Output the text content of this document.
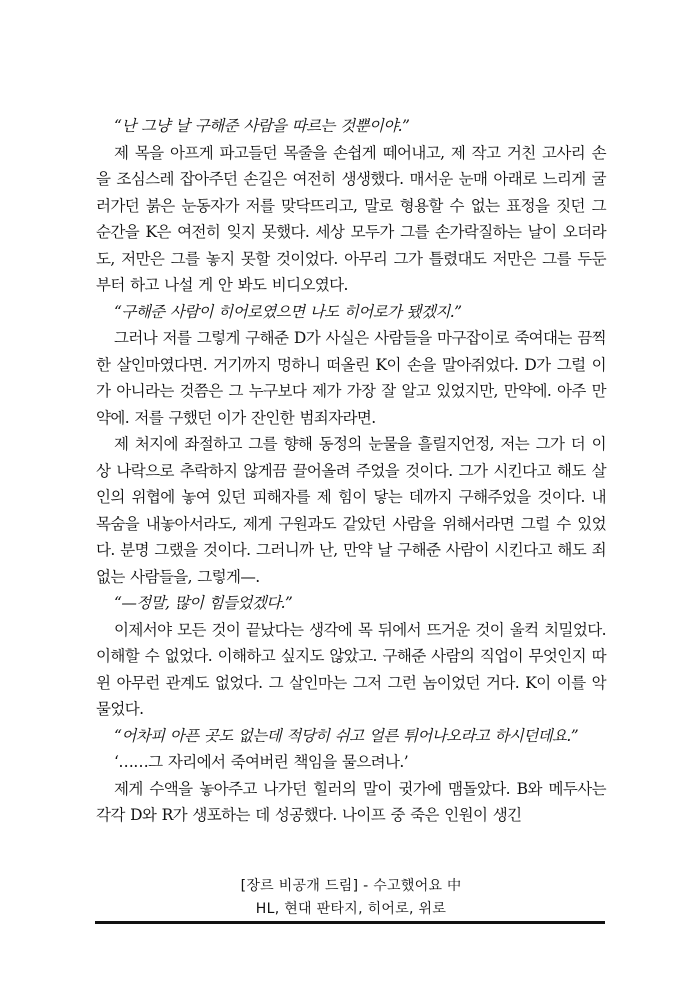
“난 그냥 날 구해준 사람을 따르는 것뿐이야.”

제 목을 아프게 파고들던 목줄을 손쉽게 떼어내고, 제 작고 거친 고사리 손을 조심스레 잡아주던 손길은 여전히 생생했다. 매서운 눈매 아래로 느리게 굴러가던 붉은 눈동자가 저를 맞닥뜨리고, 말로 형용할 수 없는 표정을 짓던 그 순간을 K은 여전히 잊지 못했다. 세상 모두가 그를 손가락질하는 날이 오더라도, 저만은 그를 놓지 못할 것이었다. 아무리 그가 틀렸대도 저만은 그를 두둔부터 하고 나설 게 안 봐도 비디오였다.

“구해준 사람이 히어로였으면 나도 히어로가 됐겠지.”

그러나 저를 그렇게 구해준 D가 사실은 사람들을 마구잡이로 죽여대는 끔찍한 살인마였다면. 거기까지 멍하니 떠올린 K이 손을 말아쥐었다. D가 그럴 이가 아니라는 것쯤은 그 누구보다 제가 가장 잘 알고 있었지만, 만약에. 아주 만약에. 저를 구했던 이가 잔인한 범죄자라면.

제 처지에 좌절하고 그를 향해 동정의 눈물을 흘릴지언정, 저는 그가 더 이상 나락으로 추락하지 않게끔 끌어올려 주었을 것이다. 그가 시킨다고 해도 살인의 위협에 놓여 있던 피해자를 제 힘이 닿는 데까지 구해주었을 것이다. 내 목숨을 내놓아서라도, 제게 구원과도 같았던 사람을 위해서라면 그럴 수 있었다. 분명 그랬을 것이다. 그러니까 난, 만약 날 구해준 사람이 시킨다고 해도 죄 없는 사람들을, 그렇게—.

“—정말, 많이 힘들었겠다.”

이제서야 모든 것이 끝났다는 생각에 목 뒤에서 뜨거운 것이 울컥 치밀었다. 이해할 수 없었다. 이해하고 싶지도 않았고. 구해준 사람의 직업이 무엇인지 따윈 아무런 관계도 없었다. 그 살인마는 그저 그런 놈이었던 거다. K이 이를 악물었다.

“어차피 아픈 곳도 없는데 적당히 쉬고 얼른 튀어나오라고 하시던데요.”

‘……그 자리에서 죽여버린 책임을 물으려나.’

제게 수액을 놓아주고 나가던 힐러의 말이 귓가에 맴돌았다. B와 메두사는 각각 D와 R가 생포하는 데 성공했다. 나이프 중 죽은 인원이 생긴

[장르 비공개 드림] - 수고했어요 中
HL, 현대 판타지, 히어로, 위로
